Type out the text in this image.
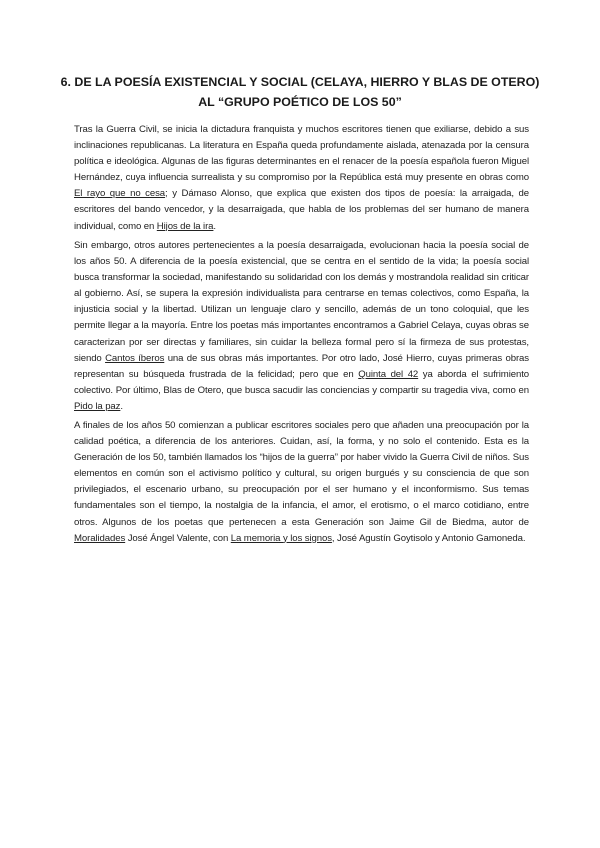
6. DE LA POESÍA EXISTENCIAL Y SOCIAL (CELAYA, HIERRO Y BLAS DE OTERO)
AL “GRUPO POÉTICO DE LOS 50”

Tras la Guerra Civil, se inicia la dictadura franquista y muchos escritores tienen que exiliarse, debido a sus inclinaciones republicanas. La literatura en España queda profundamente aislada, atenazada por la censura política e ideológica. Algunas de las figuras determinantes en el renacer de la poesía española fueron Miguel Hernández, cuya influencia surrealista y su compromiso por la República está muy presente en obras como El rayo que no cesa; y Dámaso Alonso, que explica que existen dos tipos de poesía: la arraigada, de escritores del bando vencedor, y la desarraigada, que habla de los problemas del ser humano de manera individual, como en Hijos de la ira.

Sin embargo, otros autores pertenecientes a la poesía desarraigada, evolucionan hacia la poesía social de los años 50. A diferencia de la poesía existencial, que se centra en el sentido de la vida; la poesía social busca transformar la sociedad, manifestando su solidaridad con los demás y mostrandola realidad sin criticar al gobierno. Así, se supera la expresión individualista para centrarse en temas colectivos, como España, la injusticia social y la libertad. Utilizan un lenguaje claro y sencillo, además de un tono coloquial, que les permite llegar a la mayoría. Entre los poetas más importantes encontramos a Gabriel Celaya, cuyas obras se caracterizan por ser directas y familiares, sin cuidar la belleza formal pero sí la firmeza de sus protestas, siendo Cantos íberos una de sus obras más importantes. Por otro lado, José Hierro, cuyas primeras obras representan su búsqueda frustrada de la felicidad; pero que en Quinta del 42 ya aborda el sufrimiento colectivo. Por último, Blas de Otero, que busca sacudir las conciencias y compartir su tragedia viva, como en Pido la paz.

A finales de los años 50 comienzan a publicar escritores sociales pero que añaden una preocupación por la calidad poética, a diferencia de los anteriores. Cuidan, así, la forma, y no solo el contenido. Esta es la Generación de los 50, también llamados los “hijos de la guerra” por haber vivido la Guerra Civil de niños. Sus elementos en común son el activismo político y cultural, su origen burgués y su consciencia de que son privilegiados, el escenario urbano, su preocupación por el ser humano y el inconformismo. Sus temas fundamentales son el tiempo, la nostalgia de la infancia, el amor, el erotismo, o el marco cotidiano, entre otros. Algunos de los poetas que pertenecen a esta Generación son Jaime Gil de Biedma, autor de Moralidades José Ángel Valente, con La memoria y los signos, José Agustín Goytisolo y Antonio Gamoneda.
